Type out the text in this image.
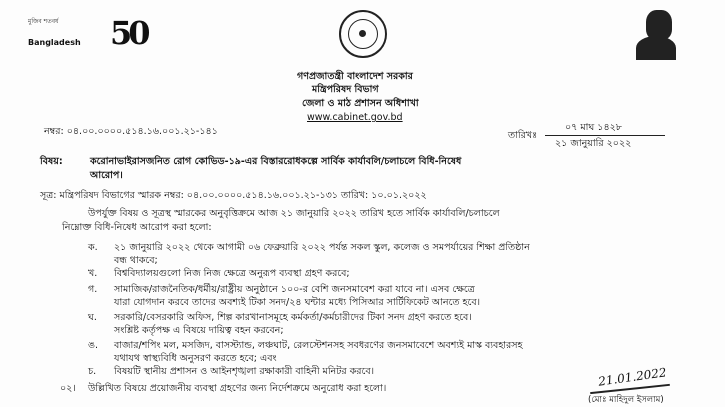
মুজিব শতবর্ষ
Bangladesh 50
গণপ্রজাতন্ত্রী বাংলাদেশ সরকার
মন্ত্রিপরিষদ বিভাগ
জেলা ও মাঠ প্রশাসন অধিশাখা
www.cabinet.gov.bd
০৭ মাঘ ১৪২৮
তারিখঃ
২১ জানুয়ারি ২০২২
নম্বর: ০৪.০০.০০০০.৫১৪.১৬.০০১.২১-১৪১
বিষয়:	করোনাভাইরাসজনিত রোগ কোভিড-১৯-এর বিস্তাররোধকল্পে সার্বিক কার্যাবলি/চলাচলে বিধি-নিষেধ
আরোপ।
সূত্র: মন্ত্রিপরিষদ বিভাগের স্মারক নম্বর: ০৪.০০.০০০০.৫১৪.১৬.০০১.২১-১৩১ তারিখ: ১০.০১.২০২২
উপর্যুক্ত বিষয় ও সূত্রস্থ স্মারকের অনুবৃত্তিক্রমে আজ ২১ জানুয়ারি ২০২২ তারিখ হতে সার্বিক কার্যাবলি/চলাচলে
নিম্নোক্ত বিধি-নিষেধ আরোপ করা হলো:
ক. ২১ জানুয়ারি ২০২২ থেকে আগামী ০৬ ফেব্রুয়ারি ২০২২ পর্যন্ত সকল স্কুল, কলেজ ও সমপর্যায়ের শিক্ষা প্রতিষ্ঠান
বন্ধ থাকবে;
খ. বিশ্ববিদ্যালয়গুলো নিজ নিজ ক্ষেত্রে অনুরূপ ব্যবস্থা গ্রহণ করবে;
গ. সামাজিক/রাজনৈতিক/ধর্মীয়/রাষ্ট্রীয় অনুষ্ঠানে ১০০-র বেশি জনসমাবেশ করা যাবে না। এসব ক্ষেত্রে
যারা যোগদান করবে তাদের অবশ্যই টিকা সনদ/২৪ ঘন্টার মধ্যে পিসিআর সার্টিফিকেট আনতে হবে।
ঘ. সরকারি/বেসরকারি অফিস, শিল্প কারখানাসমূহে কর্মকর্তা/কর্মচারীদের টিকা সনদ গ্রহণ করতে হবে।
সংশ্লিষ্ট কর্তৃপক্ষ এ বিষয়ে দায়িত্ব বহন করবেন;
ঙ. বাজার/শপিং মল, মসজিদ, বাসস্ট্যান্ড, লঞ্চঘাট, রেলস্টেশনসহ সবধরণের জনসমাবেশে অবশ্যই মাস্ক ব্যবহারসহ
যথাযথ স্বাস্থ্যবিধি অনুসরণ করতে হবে; এবং
চ. বিষয়টি স্থানীয় প্রশাসন ও আইনশৃঙ্খলা রক্ষাকারী বাহিনী মনিটর করবে।
০২। উল্লিখিত বিষয়ে প্রয়োজনীয় ব্যবস্থা গ্রহণের জন্য নির্দেশক্রমে অনুরোধ করা হলো।	21.01.2022
(মোঃ মাহিদুল ইসলাম)
